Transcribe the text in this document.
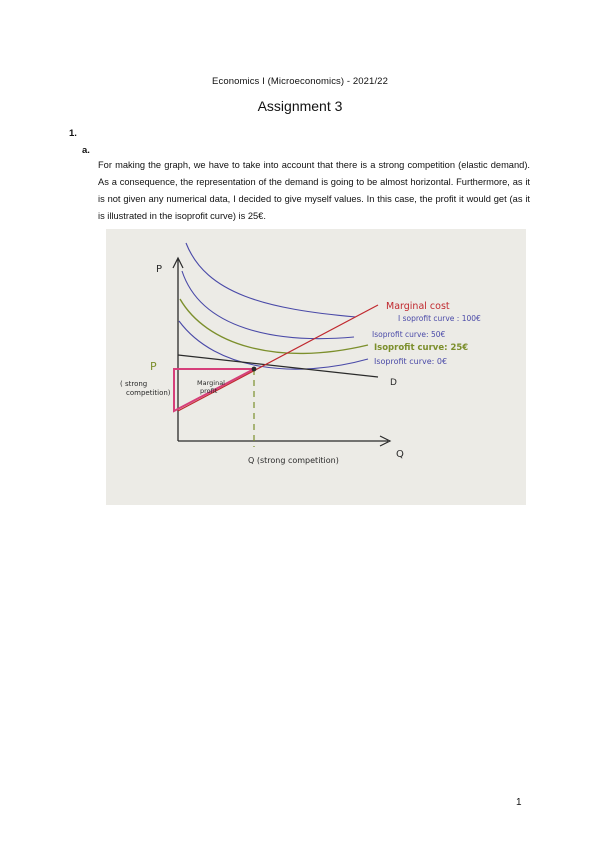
Economics I (Microeconomics) - 2021/22
Assignment 3
1.
a.
For making the graph, we have to take into account that there is a strong competition (elastic demand). As a consequence, the representation of the demand is going to be almost horizontal. Furthermore, as it is not given any numerical data, I decided to give myself values. In this case, the profit it would get (as it is illustrated in the isoprofit curve) is 25€.
P
Q
P
( strong
competition)
Marginal
profit
Marginal cost
I soprofit curve : 100€
Isoprofit curve: 50€
Isoprofit curve: 25€
Isoprofit curve: 0€
D
Q (strong competition)
1
